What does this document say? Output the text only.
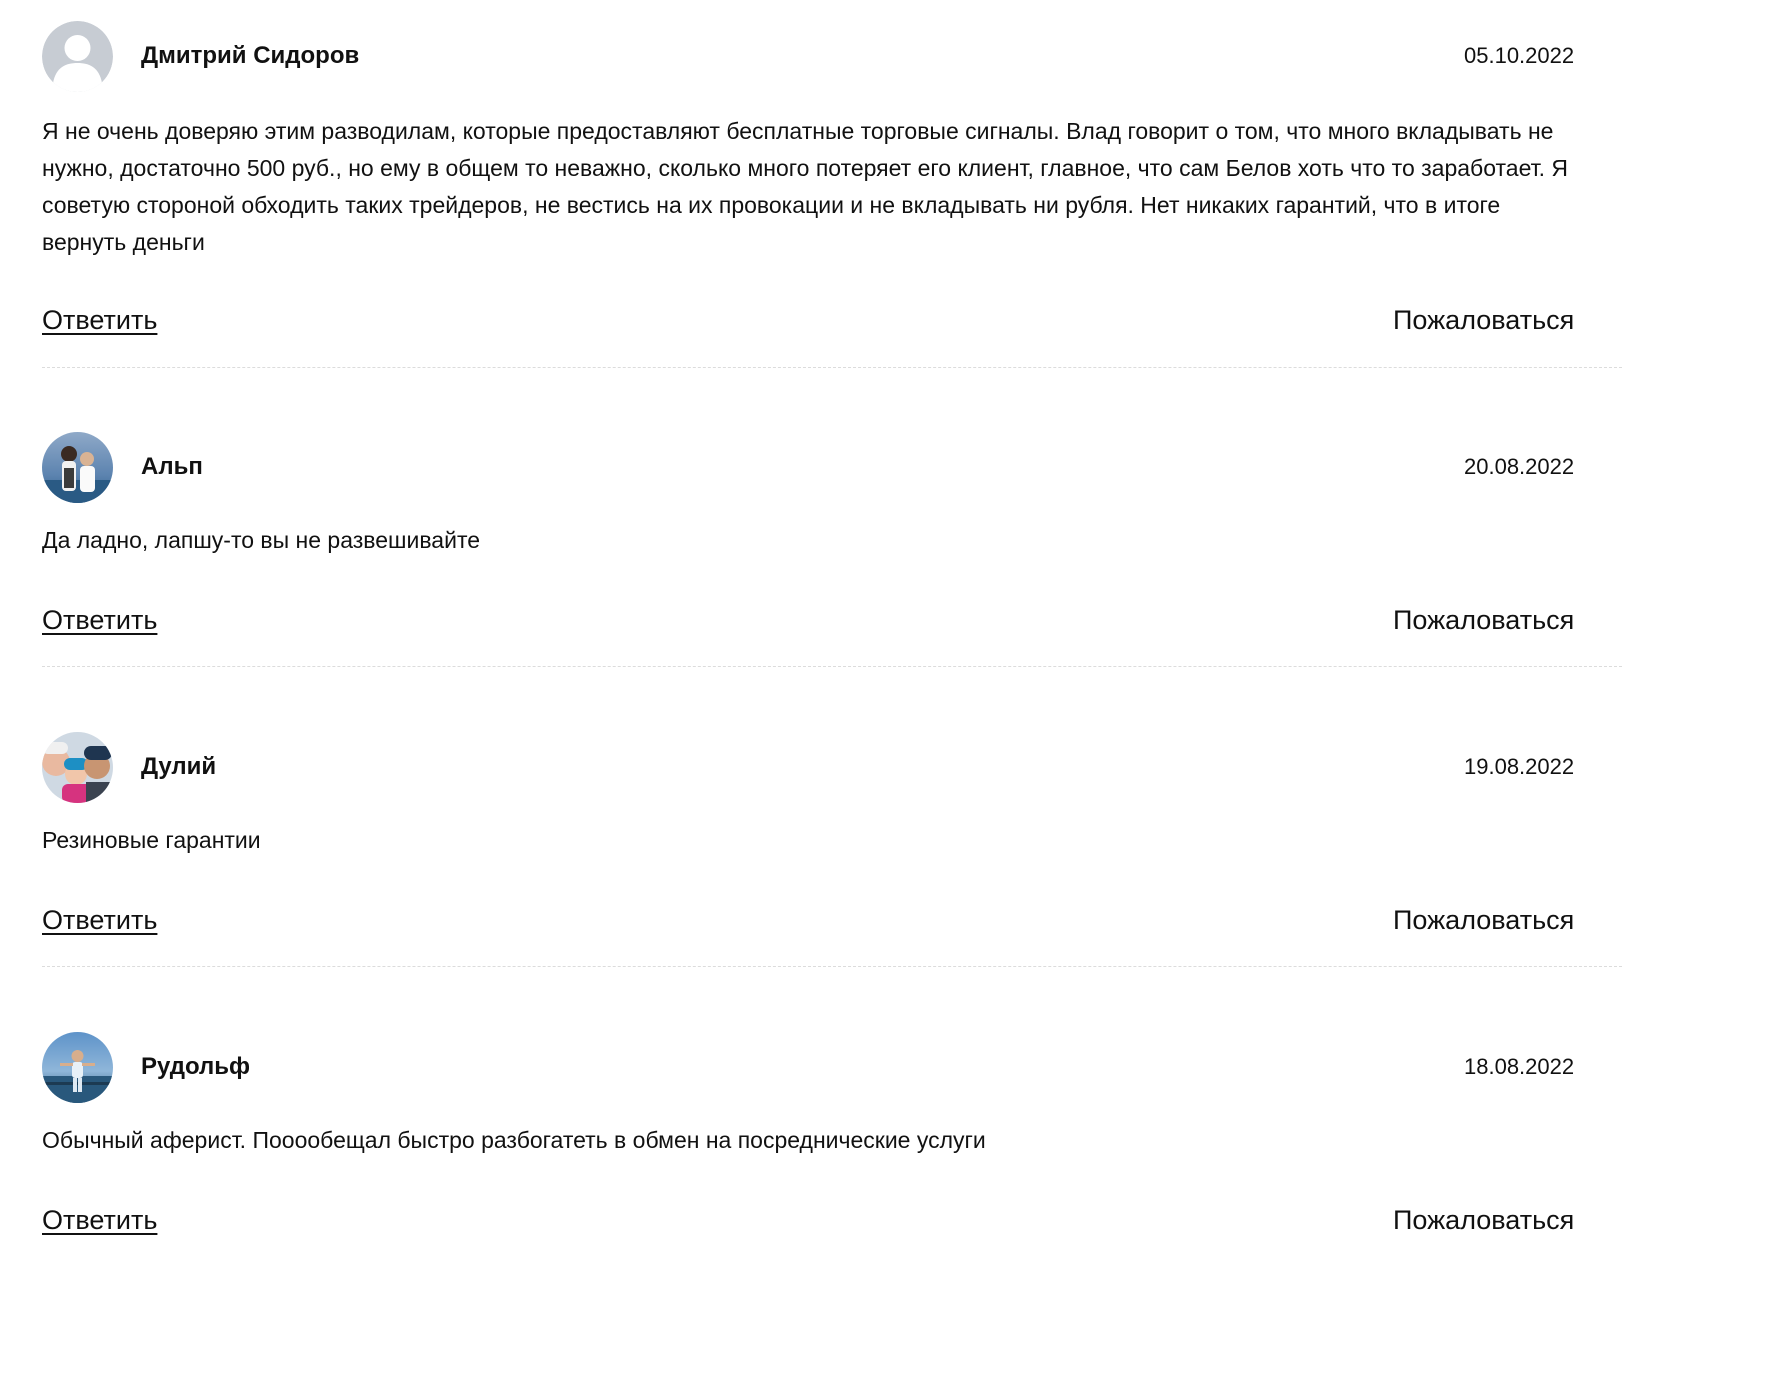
Дмитрий Сидоров	05.10.2022

Я не очень доверяю этим разводилам, которые предоставляют бесплатные торговые сигналы. Влад говорит о том, что много вкладывать не нужно, достаточно 500 руб., но ему в общем то неважно, сколько много потеряет его клиент, главное, что сам Белов хоть что то заработает. Я советую стороной обходить таких трейдеров, не вестись на их провокации и не вкладывать ни рубля. Нет никаких гарантий, что в итоге вернуть деньги

Ответить	Пожаловаться
Альп	20.08.2022

Да ладно, лапшу-то вы не развешивайте

Ответить	Пожаловаться
Дулий	19.08.2022

Резиновые гарантии

Ответить	Пожаловаться
Рудольф	18.08.2022

Обычный аферист. Пооообещал быстро разбогатеть в обмен на посреднические услуги

Ответить	Пожаловаться
